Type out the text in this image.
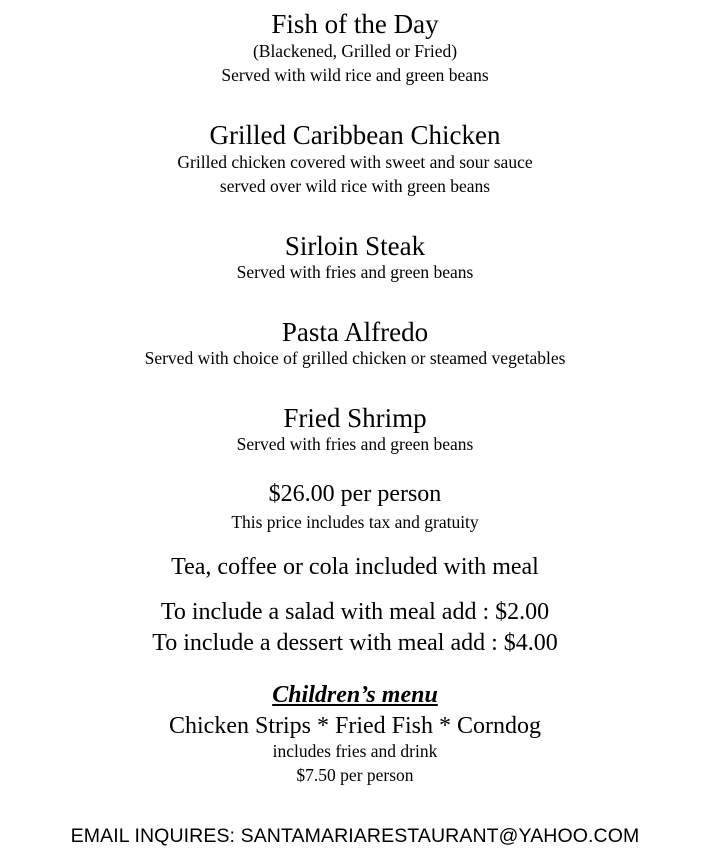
Fish of the Day
(Blackened, Grilled or Fried)
Served with wild rice and green beans
Grilled Caribbean Chicken
Grilled chicken covered with sweet and sour sauce
served over wild rice with green beans
Sirloin Steak
Served with fries and green beans
Pasta Alfredo
Served with choice of grilled chicken or steamed vegetables
Fried Shrimp
Served with fries and green beans
$26.00 per person
This price includes tax and gratuity
Tea, coffee or cola included with meal
To include a salad with meal add : $2.00
To include a dessert with meal add : $4.00
Children’s menu
Chicken Strips * Fried Fish * Corndog
includes fries and drink
$7.50 per person
EMAIL INQUIRES: SANTAMARIARESTAURANT@YAHOO.COM
